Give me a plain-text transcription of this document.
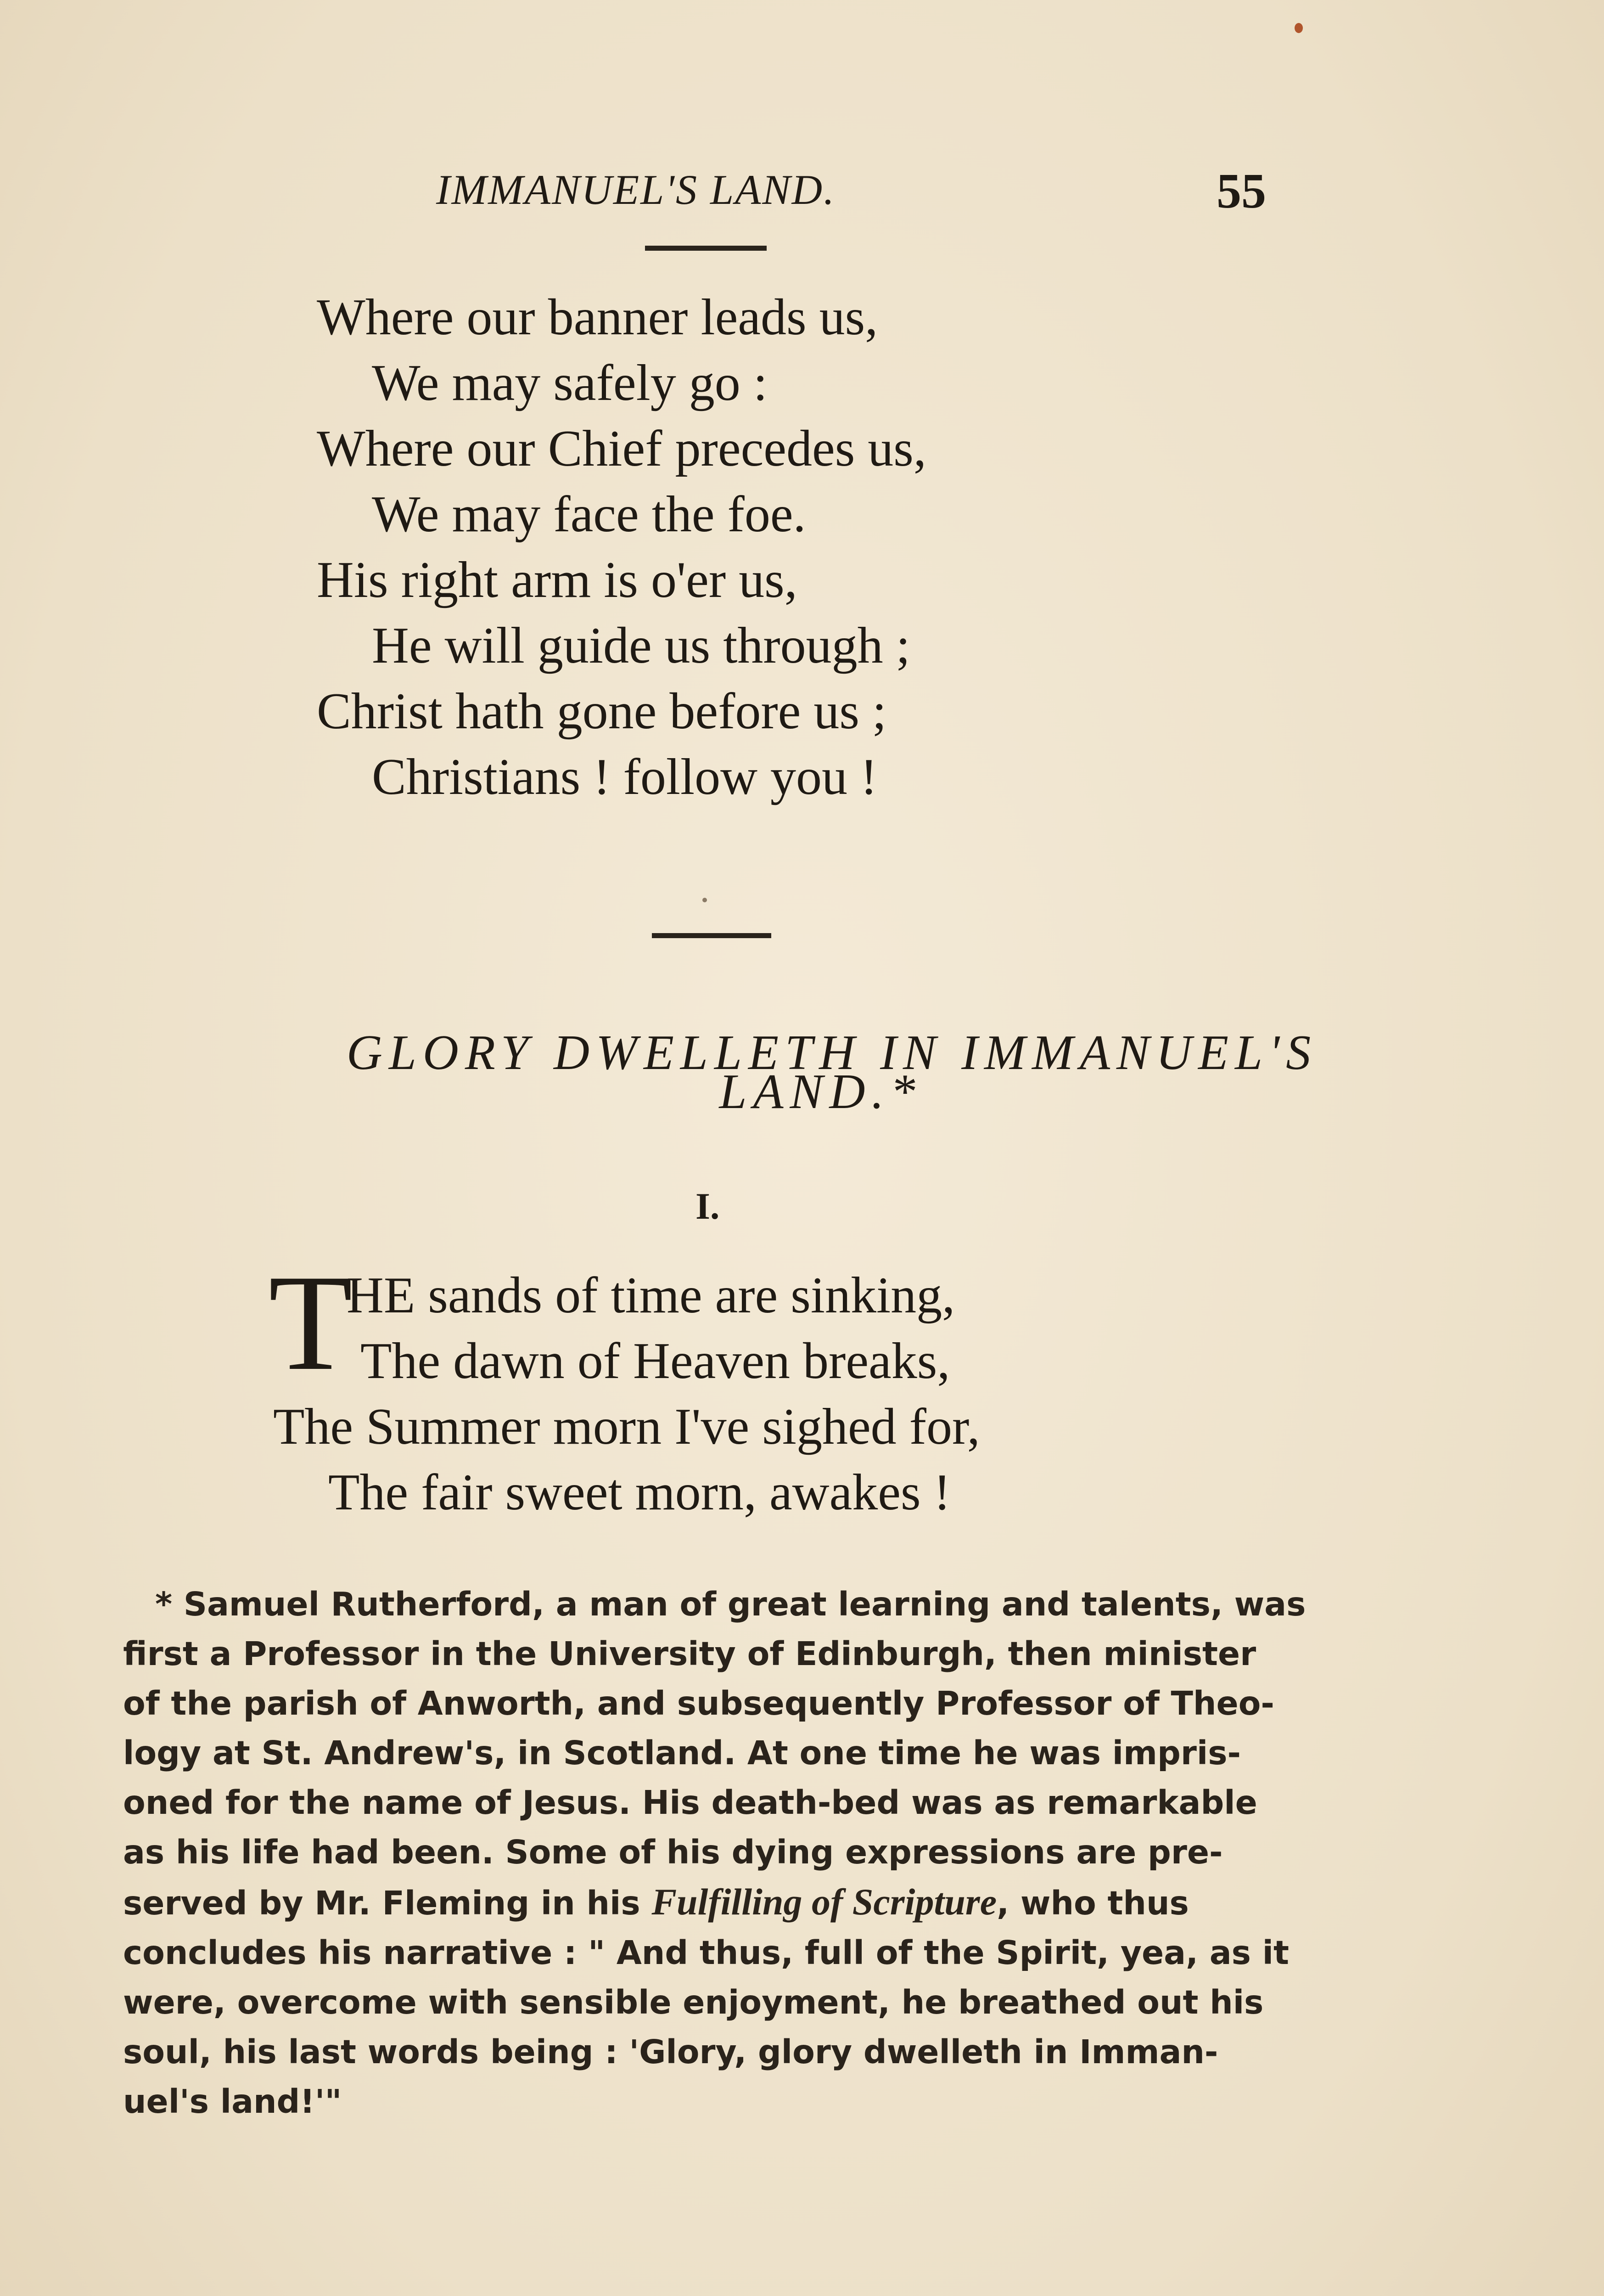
IMMANUEL'S LAND.	55
Where our banner leads us,
We may safely go :
Where our Chief precedes us,
We may face the foe.
His right arm is o'er us,
He will guide us through ;
Christ hath gone before us ;
Christians ! follow you !
GLORY DWELLETH IN IMMANUEL'S
LAND.*
I.
T
HE sands of time are sinking,
The dawn of Heaven breaks,
The Summer morn I've sighed for,
The fair sweet morn, awakes !
* Samuel Rutherford, a man of great learning and talents, was
first a Professor in the University of Edinburgh, then minister
of the parish of Anworth, and subsequently Professor of Theo-
logy at St. Andrew's, in Scotland. At one time he was impris-
oned for the name of Jesus. His death-bed was as remarkable
as his life had been. Some of his dying expressions are pre-
served by Mr. Fleming in his Fulfilling of Scripture, who thus
concludes his narrative : " And thus, full of the Spirit, yea, as it
were, overcome with sensible enjoyment, he breathed out his
soul, his last words being : 'Glory, glory dwelleth in Imman-
uel's land!'"
